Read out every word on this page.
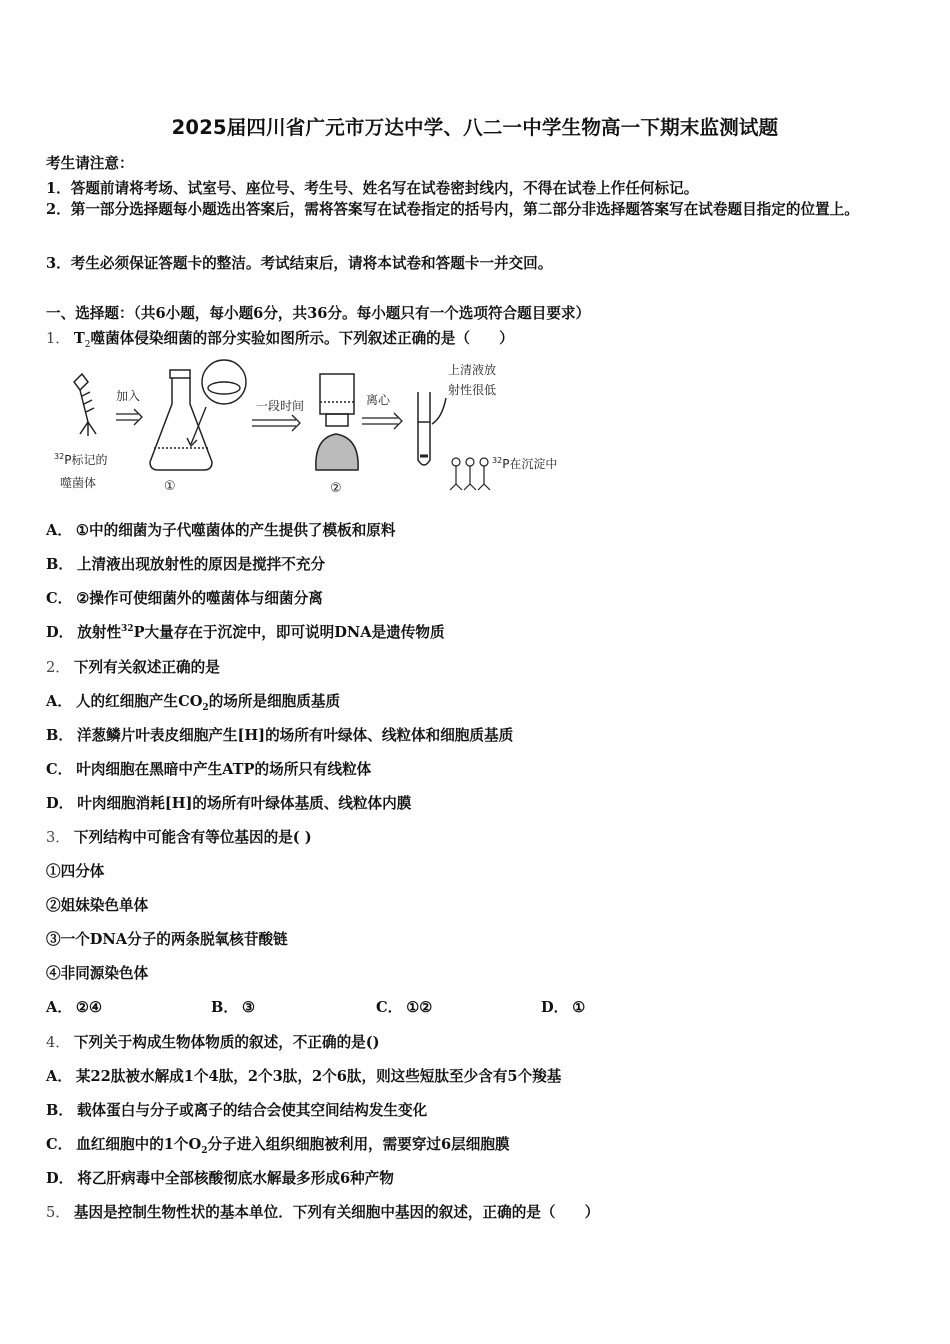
2025届四川省广元市万达中学、八二一中学生物高一下期末监测试题
考生请注意：
1．答题前请将考场、试室号、座位号、考生号、姓名写在试卷密封线内，不得在试卷上作任何标记。
2．第一部分选择题每小题选出答案后，需将答案写在试卷指定的括号内，第二部分非选择题答案写在试卷题目指定的位置上。
3．考生必须保证答题卡的整洁。考试结束后，请将本试卷和答题卡一并交回。
一、选择题：（共6小题，每小题6分，共36分。每小题只有一个选项符合题目要求）
1． $T_2$噬菌体侵染细菌的部分实验如图所示。下列叙述正确的是（　　）
$^{32}$P标记的
噬菌体
加入
①
一段时间
②
离心
上清液放
射性很低
$^{32}$P在沉淀中
A． ①中的细菌为子代噬菌体的产生提供了模板和原料
B． 上清液出现放射性的原因是搅拌不充分
C． ②操作可使细菌外的噬菌体与细菌分离
D． 放射性$^{32}$P大量存在于沉淀中，即可说明DNA是遗传物质
2． 下列有关叙述正确的是
A． 人的红细胞产生$CO_2$的场所是细胞质基质
B． 洋葱鳞片叶表皮细胞产生[H]的场所有叶绿体、线粒体和细胞质基质
C． 叶肉细胞在黑暗中产生ATP的场所只有线粒体
D． 叶肉细胞消耗[H]的场所有叶绿体基质、线粒体内膜
3． 下列结构中可能含有等位基因的是( )
①四分体
②姐妹染色单体
③一个DNA分子的两条脱氧核苷酸链
④非同源染色体
A． ②④	B． ③	C． ①②	D． ①
4． 下列关于构成生物体物质的叙述，不正确的是()
A． 某22肽被水解成1个4肽，2个3肽，2个6肽，则这些短肽至少含有5个羧基
B． 载体蛋白与分子或离子的结合会使其空间结构发生变化
C． 血红细胞中的1个$O_2$分子进入组织细胞被利用，需要穿过6层细胞膜
D． 将乙肝病毒中全部核酸彻底水解最多形成6种产物
5． 基因是控制生物性状的基本单位．下列有关细胞中基因的叙述，正确的是（　　）
